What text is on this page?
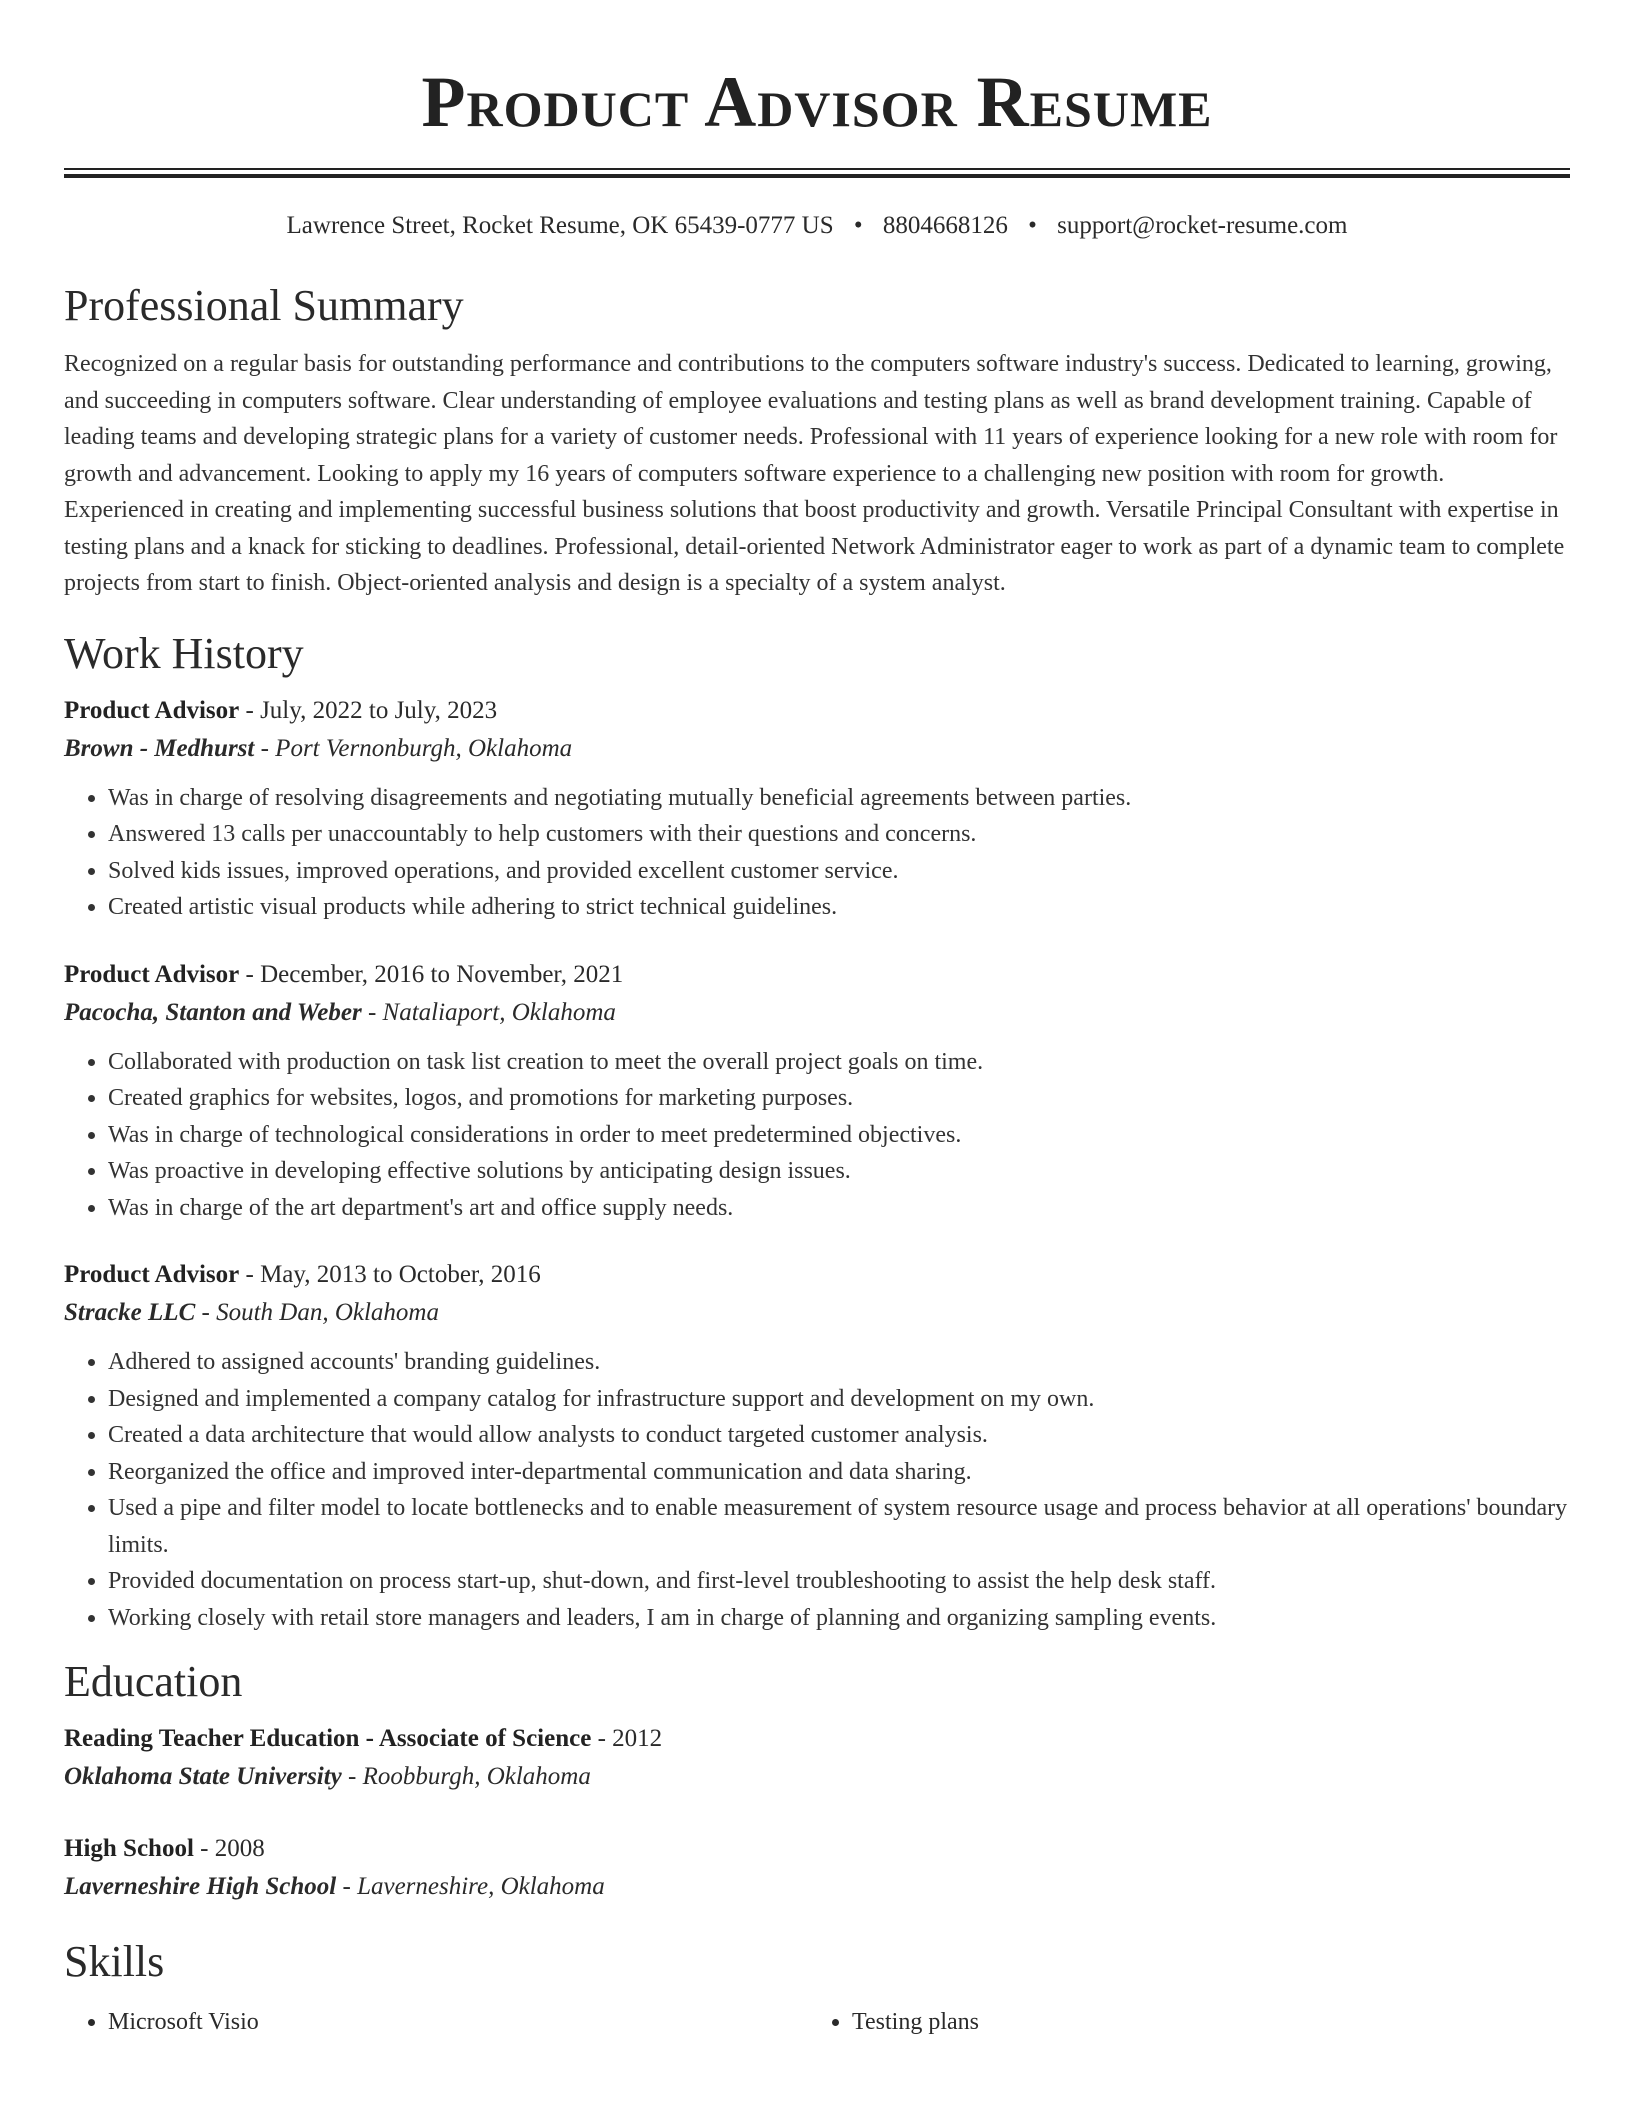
Product Advisor Resume
Lawrence Street, Rocket Resume, OK 65439-0777 US • 8804668126 • support@rocket-resume.com
Professional Summary
Recognized on a regular basis for outstanding performance and contributions to the computers software industry's success. Dedicated to learning, growing, and succeeding in computers software. Clear understanding of employee evaluations and testing plans as well as brand development training. Capable of leading teams and developing strategic plans for a variety of customer needs. Professional with 11 years of experience looking for a new role with room for growth and advancement. Looking to apply my 16 years of computers software experience to a challenging new position with room for growth. Experienced in creating and implementing successful business solutions that boost productivity and growth. Versatile Principal Consultant with expertise in testing plans and a knack for sticking to deadlines. Professional, detail-oriented Network Administrator eager to work as part of a dynamic team to complete projects from start to finish. Object-oriented analysis and design is a specialty of a system analyst.
Work History
Product Advisor - July, 2022 to July, 2023
Brown - Medhurst - Port Vernonburgh, Oklahoma
• Was in charge of resolving disagreements and negotiating mutually beneficial agreements between parties.
• Answered 13 calls per unaccountably to help customers with their questions and concerns.
• Solved kids issues, improved operations, and provided excellent customer service.
• Created artistic visual products while adhering to strict technical guidelines.
Product Advisor - December, 2016 to November, 2021
Pacocha, Stanton and Weber - Nataliaport, Oklahoma
• Collaborated with production on task list creation to meet the overall project goals on time.
• Created graphics for websites, logos, and promotions for marketing purposes.
• Was in charge of technological considerations in order to meet predetermined objectives.
• Was proactive in developing effective solutions by anticipating design issues.
• Was in charge of the art department's art and office supply needs.
Product Advisor - May, 2013 to October, 2016
Stracke LLC - South Dan, Oklahoma
• Adhered to assigned accounts' branding guidelines.
• Designed and implemented a company catalog for infrastructure support and development on my own.
• Created a data architecture that would allow analysts to conduct targeted customer analysis.
• Reorganized the office and improved inter-departmental communication and data sharing.
• Used a pipe and filter model to locate bottlenecks and to enable measurement of system resource usage and process behavior at all operations' boundary limits.
• Provided documentation on process start-up, shut-down, and first-level troubleshooting to assist the help desk staff.
• Working closely with retail store managers and leaders, I am in charge of planning and organizing sampling events.
Education
Reading Teacher Education - Associate of Science - 2012
Oklahoma State University - Roobburgh, Oklahoma
High School - 2008
Laverneshire High School - Laverneshire, Oklahoma
Skills
• Microsoft Visio
•	Testing plans
